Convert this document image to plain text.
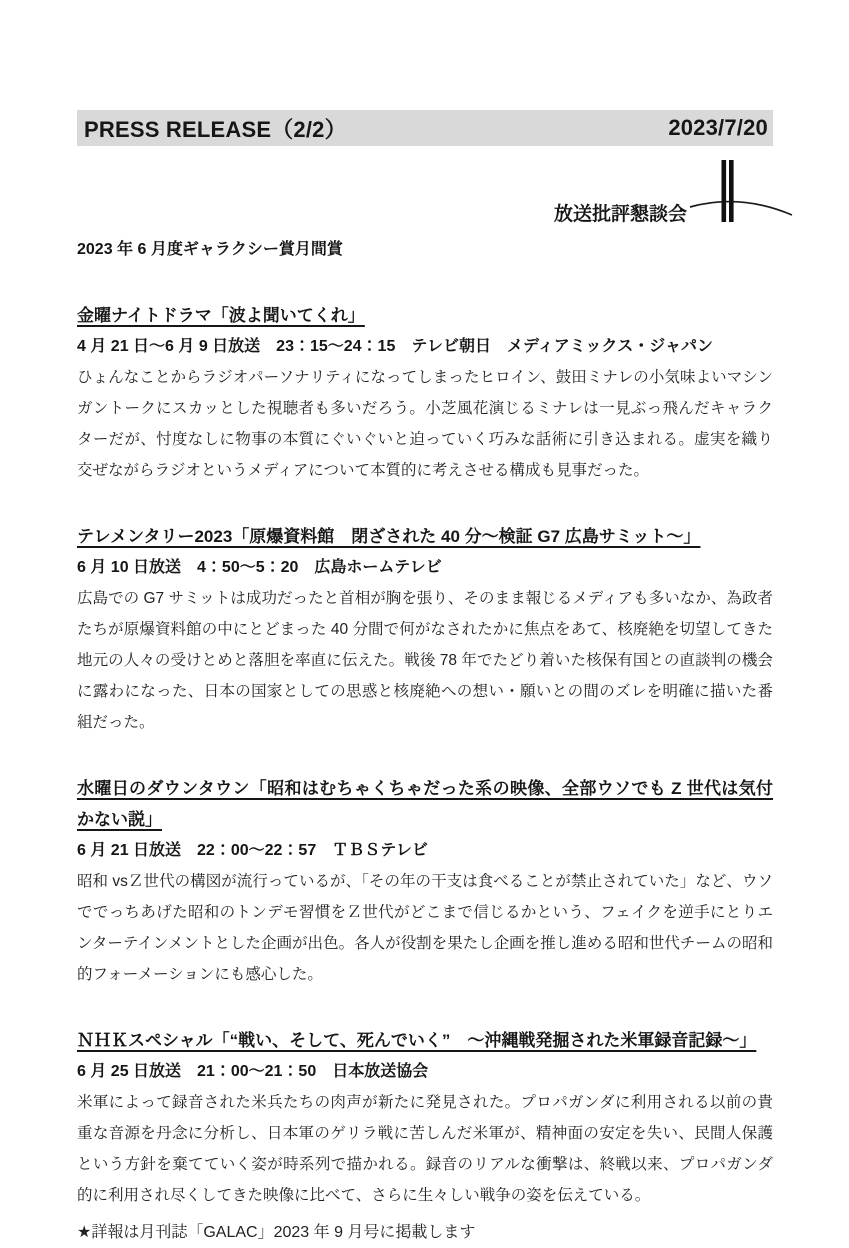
PRESS RELEASE（2/2）	2023/7/20
放送批評懇談会
2023 年 6 月度ギャラクシー賞月間賞
金曜ナイトドラマ「波よ聞いてくれ」
4 月 21 日～6 月 9 日放送　23：15～24：15　テレビ朝日　メディアミックス・ジャパン
ひょんなことからラジオパーソナリティになってしまったヒロイン、鼓田ミナレの小気味よいマシンガントークにスカッとした視聴者も多いだろう。小芝風花演じるミナレは一見ぶっ飛んだキャラクターだが、忖度なしに物事の本質にぐいぐいと迫っていく巧みな話術に引き込まれる。虚実を織り交ぜながらラジオというメディアについて本質的に考えさせる構成も見事だった。
テレメンタリー2023「原爆資料館　閉ざされた 40 分～検証 G7 広島サミット～」
6 月 10 日放送　4：50～5：20　広島ホームテレビ
広島での G7 サミットは成功だったと首相が胸を張り、そのまま報じるメディアも多いなか、為政者たちが原爆資料館の中にとどまった 40 分間で何がなされたかに焦点をあて、核廃絶を切望してきた地元の人々の受けとめと落胆を率直に伝えた。戦後 78 年でたどり着いた核保有国との直談判の機会に露わになった、日本の国家としての思惑と核廃絶への想い・願いとの間のズレを明確に描いた番組だった。
水曜日のダウンタウン「昭和はむちゃくちゃだった系の映像、全部ウソでも Z 世代は気付かない説」
6 月 21 日放送　22：00～22：57　ＴＢＳテレビ
昭和 vsＺ世代の構図が流行っているが、「その年の干支は食べることが禁止されていた」など、ウソででっちあげた昭和のトンデモ習慣をＺ世代がどこまで信じるかという、フェイクを逆手にとりエンターテインメントとした企画が出色。各人が役割を果たし企画を推し進める昭和世代チームの昭和的フォーメーションにも感心した。
ＮＨＫスペシャル「“戦い、そして、死んでいく”　～沖縄戦発掘された米軍録音記録～」
6 月 25 日放送　21：00～21：50　日本放送協会
米軍によって録音された米兵たちの肉声が新たに発見された。プロパガンダに利用される以前の貴重な音源を丹念に分析し、日本軍のゲリラ戦に苦しんだ米軍が、精神面の安定を失い、民間人保護という方針を棄てていく姿が時系列で描かれる。録音のリアルな衝撃は、終戦以来、プロパガンダ的に利用され尽くしてきた映像に比べて、さらに生々しい戦争の姿を伝えている。
★詳報は月刊誌「GALAC」2023 年 9 月号に掲載します
